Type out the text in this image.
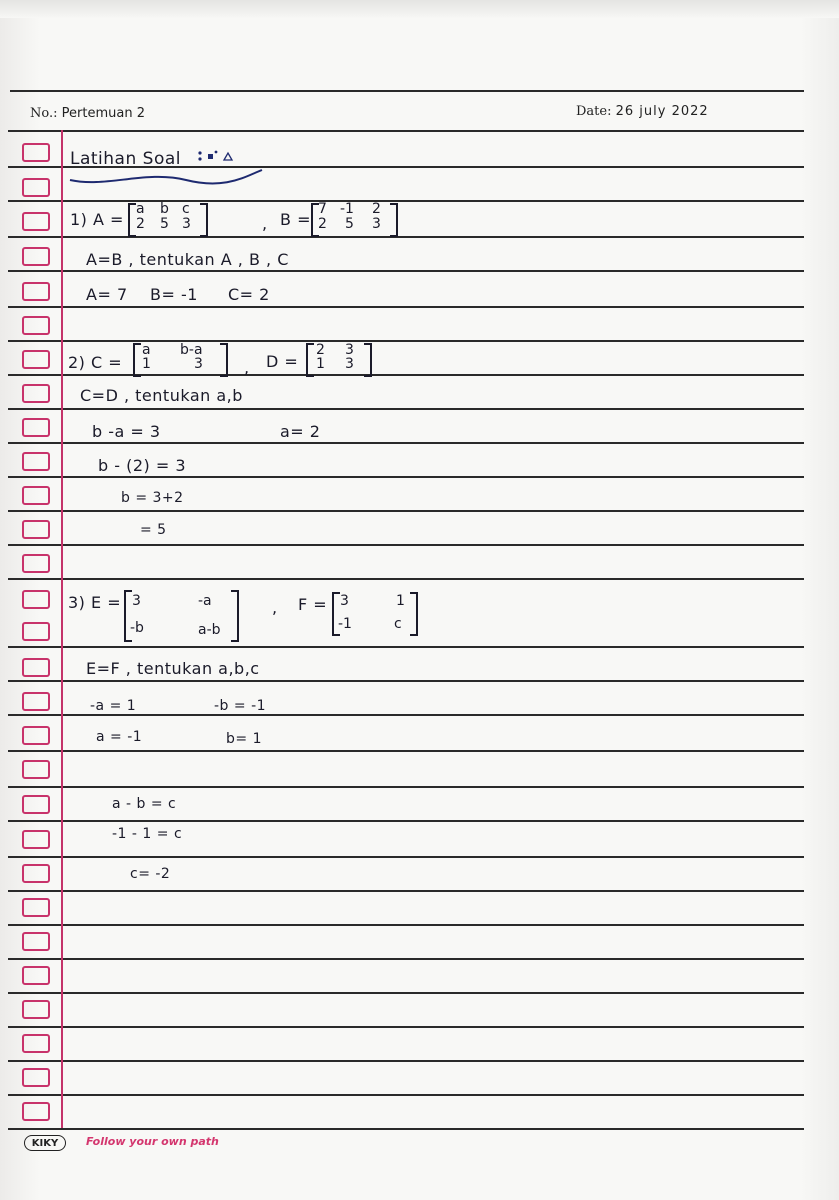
No.: Pertemuan 2	Date: 26 july 2022
Latihan Soal
1) A =
a b c
2 5 3	, B =
7 -1 2
2 5 3
A=B , tentukan A , B , C
A= 7 B= -1 C= 2
2) C =
a b-a
1	3	, D =
2 3
1 3
C=D , tentukan a,b
b -a = 3	a= 2
b - (2) = 3
b = 3+2
= 5
3) E = 3	-a
-b	a-b
, F = 3	1
-1	c
E=F , tentukan a,b,c
-a = 1	-b = -1
a = -1	b= 1
a - b = c
-1 - 1 = c
c= -2
KIKY	Follow your own path
